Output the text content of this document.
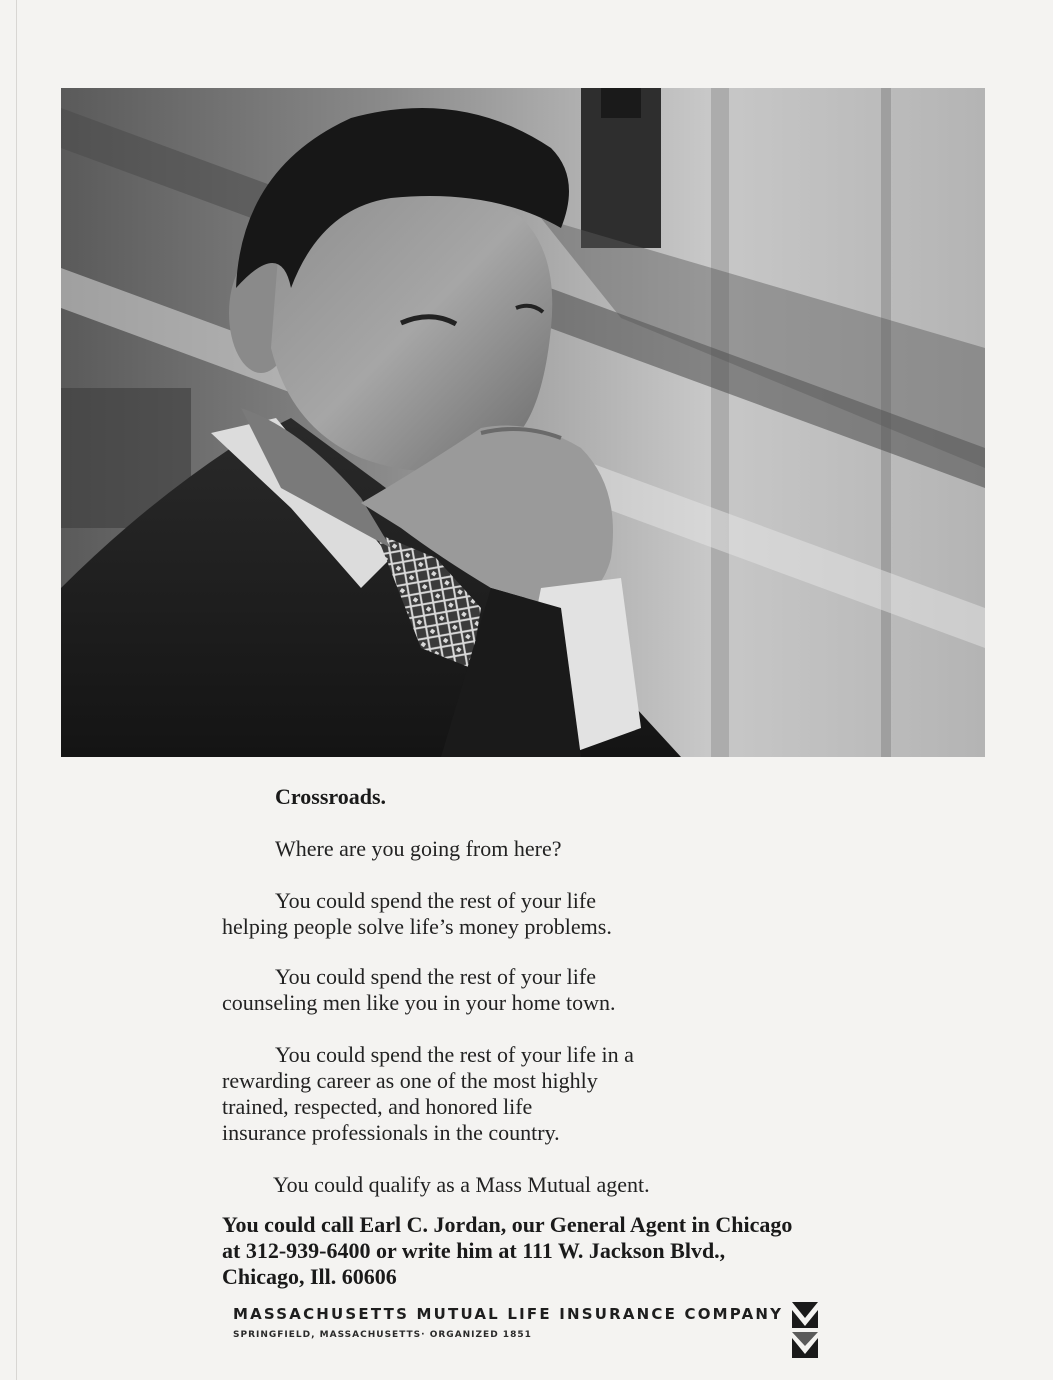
Crossroads.
Where are you going from here?
You could spend the rest of your life
helping people solve life’s money problems.
You could spend the rest of your life
counseling men like you in your home town.
You could spend the rest of your life in a
rewarding career as one of the most highly
trained, respected, and honored life
insurance professionals in the country.
You could qualify as a Mass Mutual agent.
You could call Earl C. Jordan, our General Agent in Chicago
at 312-939-6400 or write him at 111 W. Jackson Blvd.,
Chicago, Ill. 60606
MASSACHUSETTS MUTUAL LIFE INSURANCE COMPANY
SPRINGFIELD, MASSACHUSETTS· ORGANIZED 1851
